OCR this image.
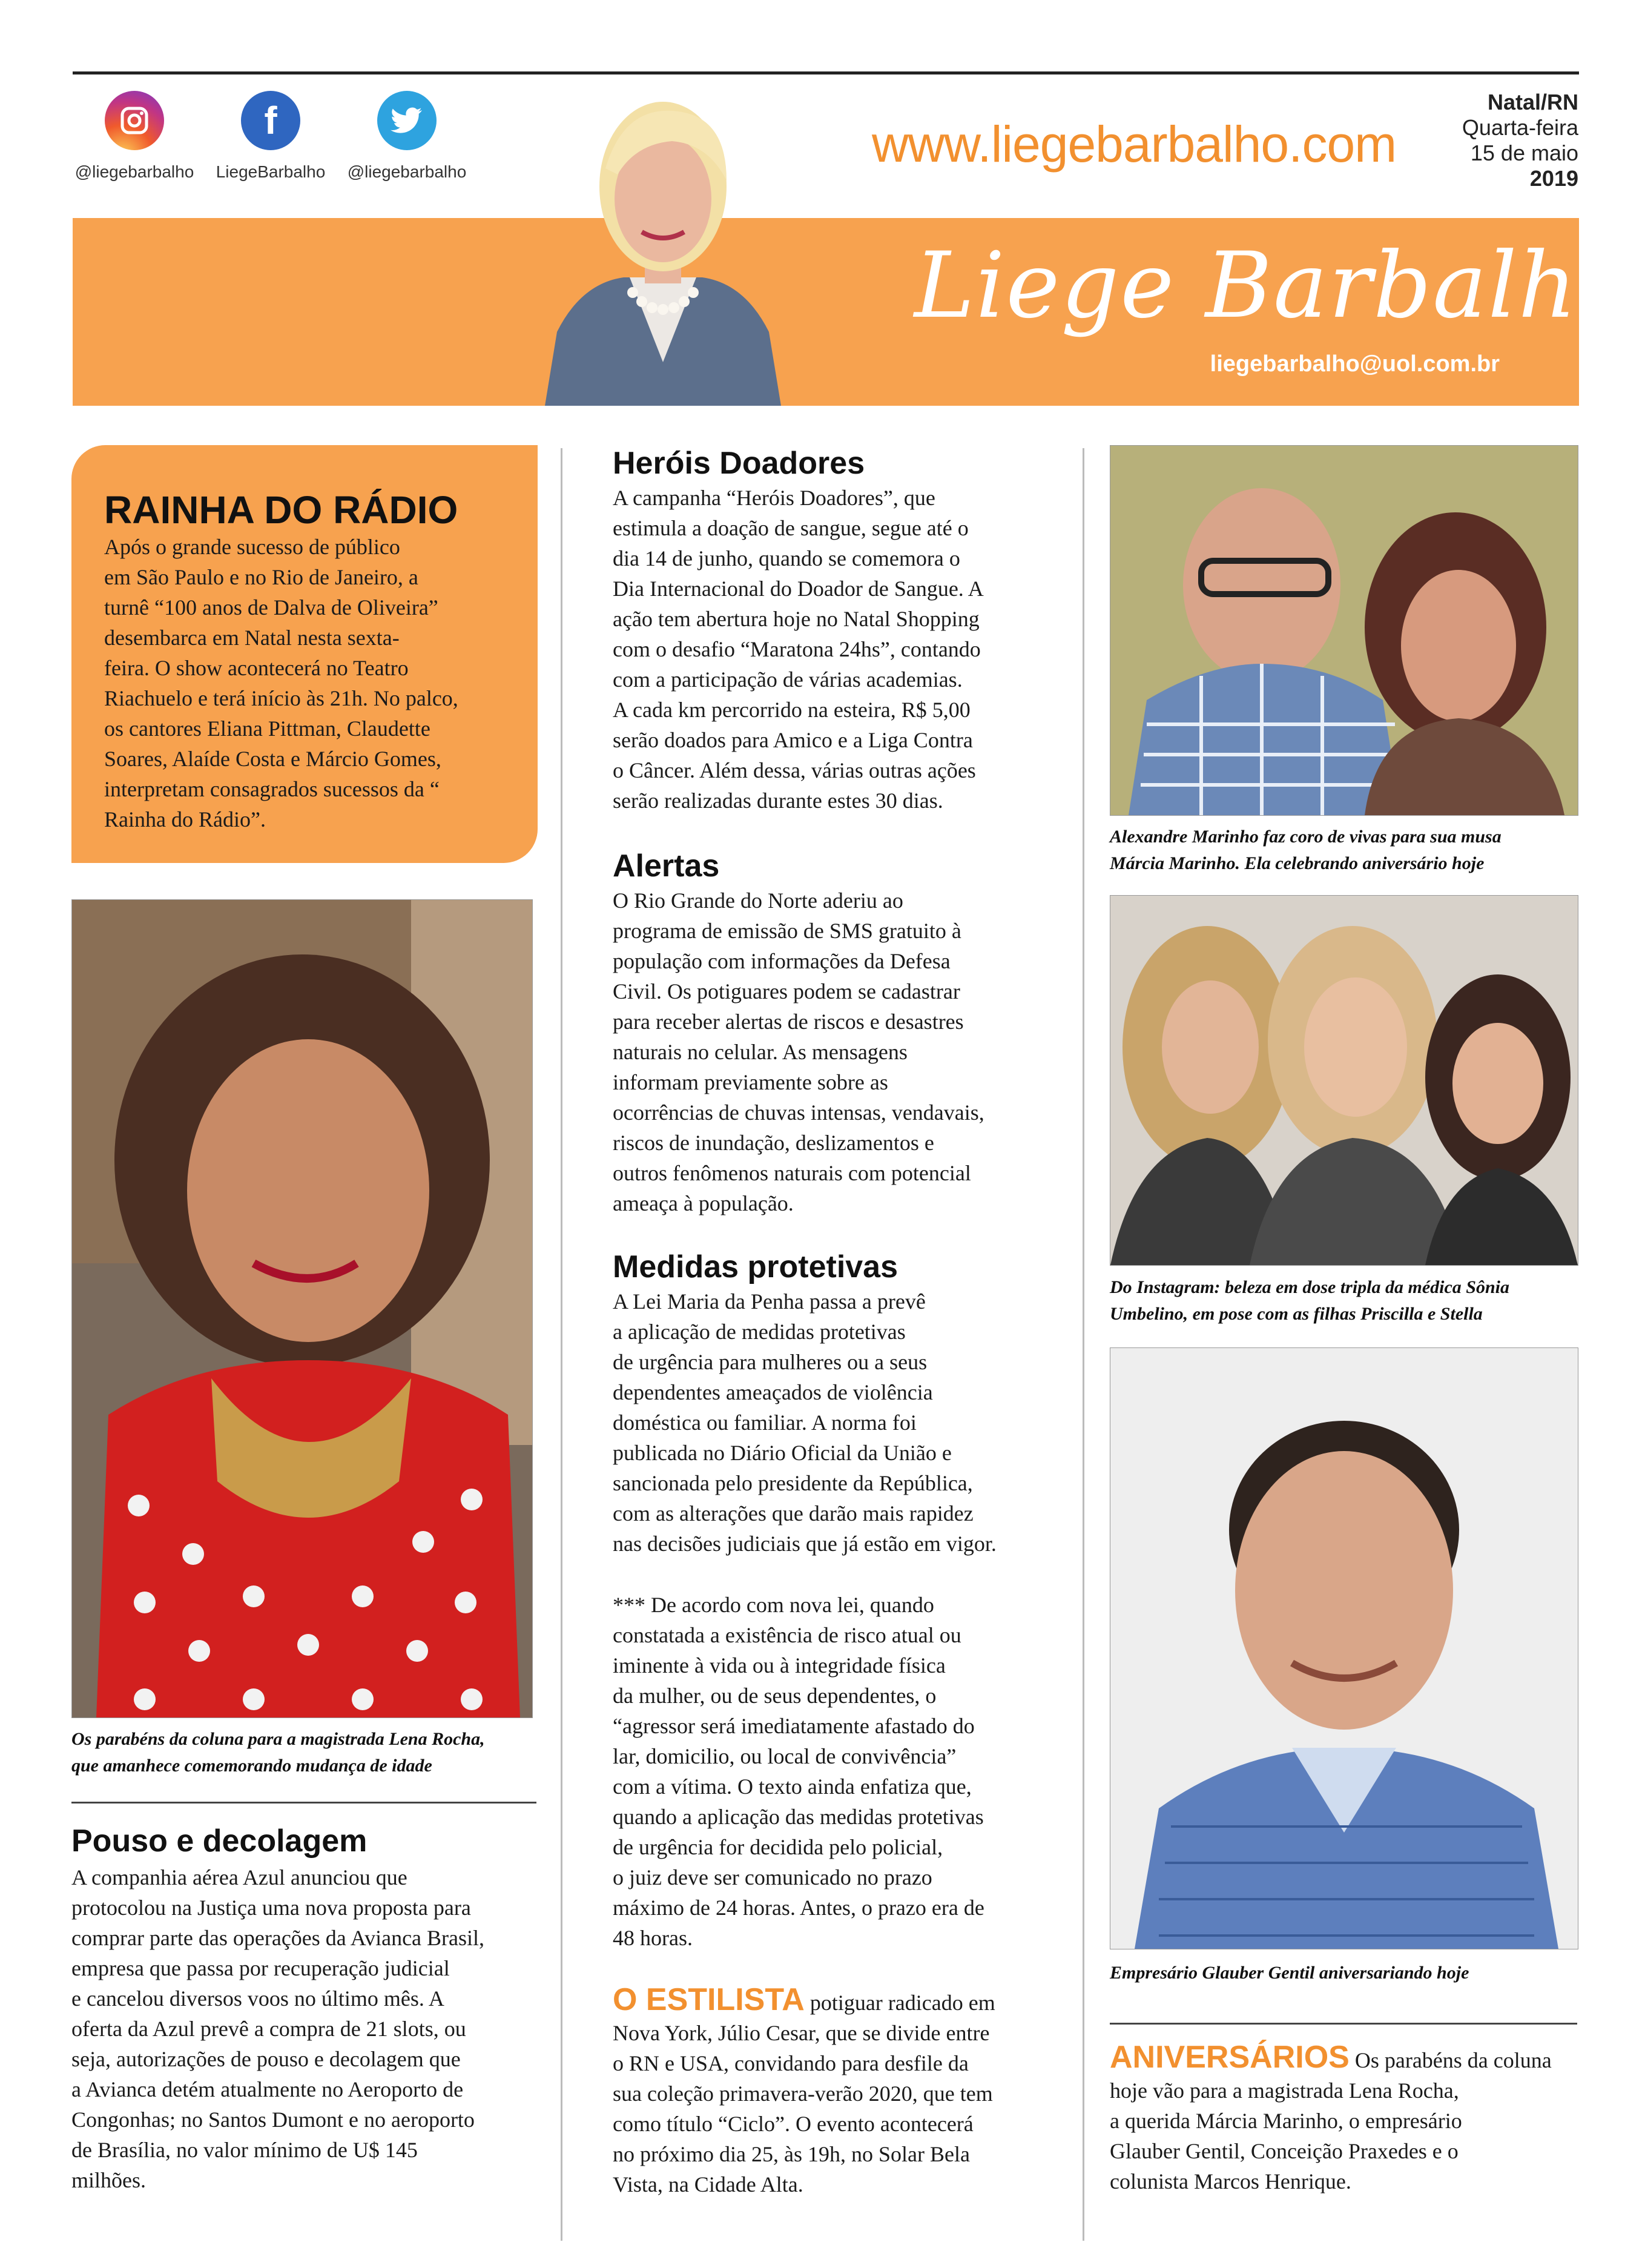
@liegebarbalho
f
LiegeBarbalho	@liegebarbalho	www.liegebarbalho.com
Natal/RN
Quarta-feira
15 de maio
2019
Liege Barbalho
liegebarbalho@uol.com.br
RAINHA DO RÁDIO
Após o grande sucesso de público
em São Paulo e no Rio de Janeiro, a
turnê “100 anos de Dalva de Oliveira”
desembarca em Natal nesta sexta-
feira. O show acontecerá no Teatro
Riachuelo e terá início às 21h. No palco,
os cantores Eliana Pittman, Claudette
Soares, Alaíde Costa e Márcio Gomes,
interpretam consagrados sucessos da “
Rainha do Rádio”.
Os parabéns da coluna para a magistrada Lena Rocha,
que amanhece comemorando mudança de idade
Pouso e decolagem
A companhia aérea Azul anunciou que
protocolou na Justiça uma nova proposta para
comprar parte das operações da Avianca Brasil,
empresa que passa por recuperação judicial
e cancelou diversos voos no último mês. A
oferta da Azul prevê a compra de 21 slots, ou
seja, autorizações de pouso e decolagem que
a Avianca detém atualmente no Aeroporto de
Congonhas; no Santos Dumont e no aeroporto
de Brasília, no valor mínimo de U$ 145
milhões.
Heróis Doadores
A campanha “Heróis Doadores”, que
estimula a doação de sangue, segue até o
dia 14 de junho, quando se comemora o
Dia Internacional do Doador de Sangue. A
ação tem abertura hoje no Natal Shopping
com o desafio “Maratona 24hs”, contando
com a participação de várias academias.
A cada km percorrido na esteira, R$ 5,00
serão doados para Amico e a Liga Contra
o Câncer. Além dessa, várias outras ações
serão realizadas durante estes 30 dias.
Alertas
O Rio Grande do Norte aderiu ao
programa de emissão de SMS gratuito à
população com informações da Defesa
Civil. Os potiguares podem se cadastrar
para receber alertas de riscos e desastres
naturais no celular. As mensagens
informam previamente sobre as
ocorrências de chuvas intensas, vendavais,
riscos de inundação, deslizamentos e
outros fenômenos naturais com potencial
ameaça à população.
Medidas protetivas
A Lei Maria da Penha passa a prevê
a aplicação de medidas protetivas
de urgência para mulheres ou a seus
dependentes ameaçados de violência
doméstica ou familiar. A norma foi
publicada no Diário Oficial da União e
sancionada pelo presidente da República,
com as alterações que darão mais rapidez
nas decisões judiciais que já estão em vigor.
*** De acordo com nova lei, quando
constatada a existência de risco atual ou
iminente à vida ou à integridade física
da mulher, ou de seus dependentes, o
“agressor será imediatamente afastado do
lar, domicilio, ou local de convivência”
com a vítima. O texto ainda enfatiza que,
quando a aplicação das medidas protetivas
de urgência for decidida pelo policial,
o juiz deve ser comunicado no prazo
máximo de 24 horas. Antes, o prazo era de
48 horas.
O ESTILISTA potiguar radicado em
Nova York, Júlio Cesar, que se divide entre
o RN e USA, convidando para desfile da
sua coleção primavera-verão 2020, que tem
como título “Ciclo”. O evento acontecerá
no próximo dia 25, às 19h, no Solar Bela
Vista, na Cidade Alta.
Alexandre Marinho faz coro de vivas para sua musa
Márcia Marinho. Ela celebrando aniversário hoje
Do Instagram: beleza em dose tripla da médica Sônia
Umbelino, em pose com as filhas Priscilla e Stella
Empresário Glauber Gentil aniversariando hoje
ANIVERSÁRIOS Os parabéns da coluna
hoje vão para a magistrada Lena Rocha,
a querida Márcia Marinho, o empresário
Glauber Gentil, Conceição Praxedes e o
colunista Marcos Henrique.
